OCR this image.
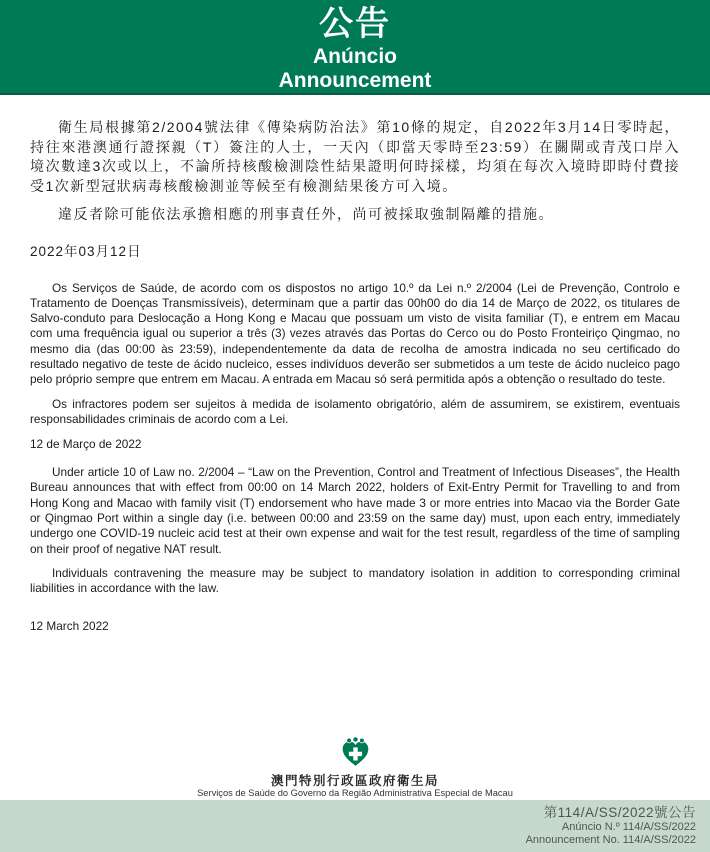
公告
Anúncio
Announcement

衛生局根據第2/2004號法律《傳染病防治法》第10條的規定，自2022年3月14日零時起，持往來港澳通行證探親（T）簽注的人士，一天內（即當天零時至23:59）在關閘或青茂口岸入境次數達3次或以上，不論所持核酸檢測陰性結果證明何時採樣，均須在每次入境時即時付費接受1次新型冠狀病毒核酸檢測並等候至有檢測結果後方可入境。

違反者除可能依法承擔相應的刑事責任外，尚可被採取強制隔離的措施。

2022年03月12日

Os Serviços de Saúde, de acordo com os dispostos no artigo 10.º da Lei n.º 2/2004 (Lei de Prevenção, Controlo e Tratamento de Doenças Transmissíveis), determinam que a partir das 00h00 do dia 14 de Março de 2022, os titulares de Salvo-conduto para Deslocação a Hong Kong e Macau que possuam um visto de visita familiar (T), e entrem em Macau com uma frequência igual ou superior a três (3) vezes através das Portas do Cerco ou do Posto Fronteiriço Qingmao, no mesmo dia (das 00:00 às 23:59), independentemente da data de recolha de amostra indicada no seu certificado do resultado negativo de teste de ácido nucleico, esses indivíduos deverão ser submetidos a um teste de ácido nucleico pago pelo próprio sempre que entrem em Macau. A entrada em Macau só será permitida após a obtenção o resultado do teste.

Os infractores podem ser sujeitos à medida de isolamento obrigatório, além de assumirem, se existirem, eventuais responsabilidades criminais de acordo com a Lei.

12 de Março de 2022

Under article 10 of Law no. 2/2004 – “Law on the Prevention, Control and Treatment of Infectious Diseases”, the Health Bureau announces that with effect from 00:00 on 14 March 2022, holders of Exit-Entry Permit for Travelling to and from Hong Kong and Macao with family visit (T) endorsement who have made 3 or more entries into Macao via the Border Gate or Qingmao Port within a single day (i.e. between 00:00 and 23:59 on the same day) must, upon each entry, immediately undergo one COVID-19 nucleic acid test at their own expense and wait for the test result, regardless of the time of sampling on their proof of negative NAT result.

Individuals contravening the measure may be subject to mandatory isolation in addition to corresponding criminal liabilities in accordance with the law.

12 March 2022
澳門特別行政區政府衛生局
Serviços de Saúde do Governo da Região Administrativa Especial de Macau
第114/A/SS/2022號公告
Anúncio N.º 114/A/SS/2022
Announcement No. 114/A/SS/2022
